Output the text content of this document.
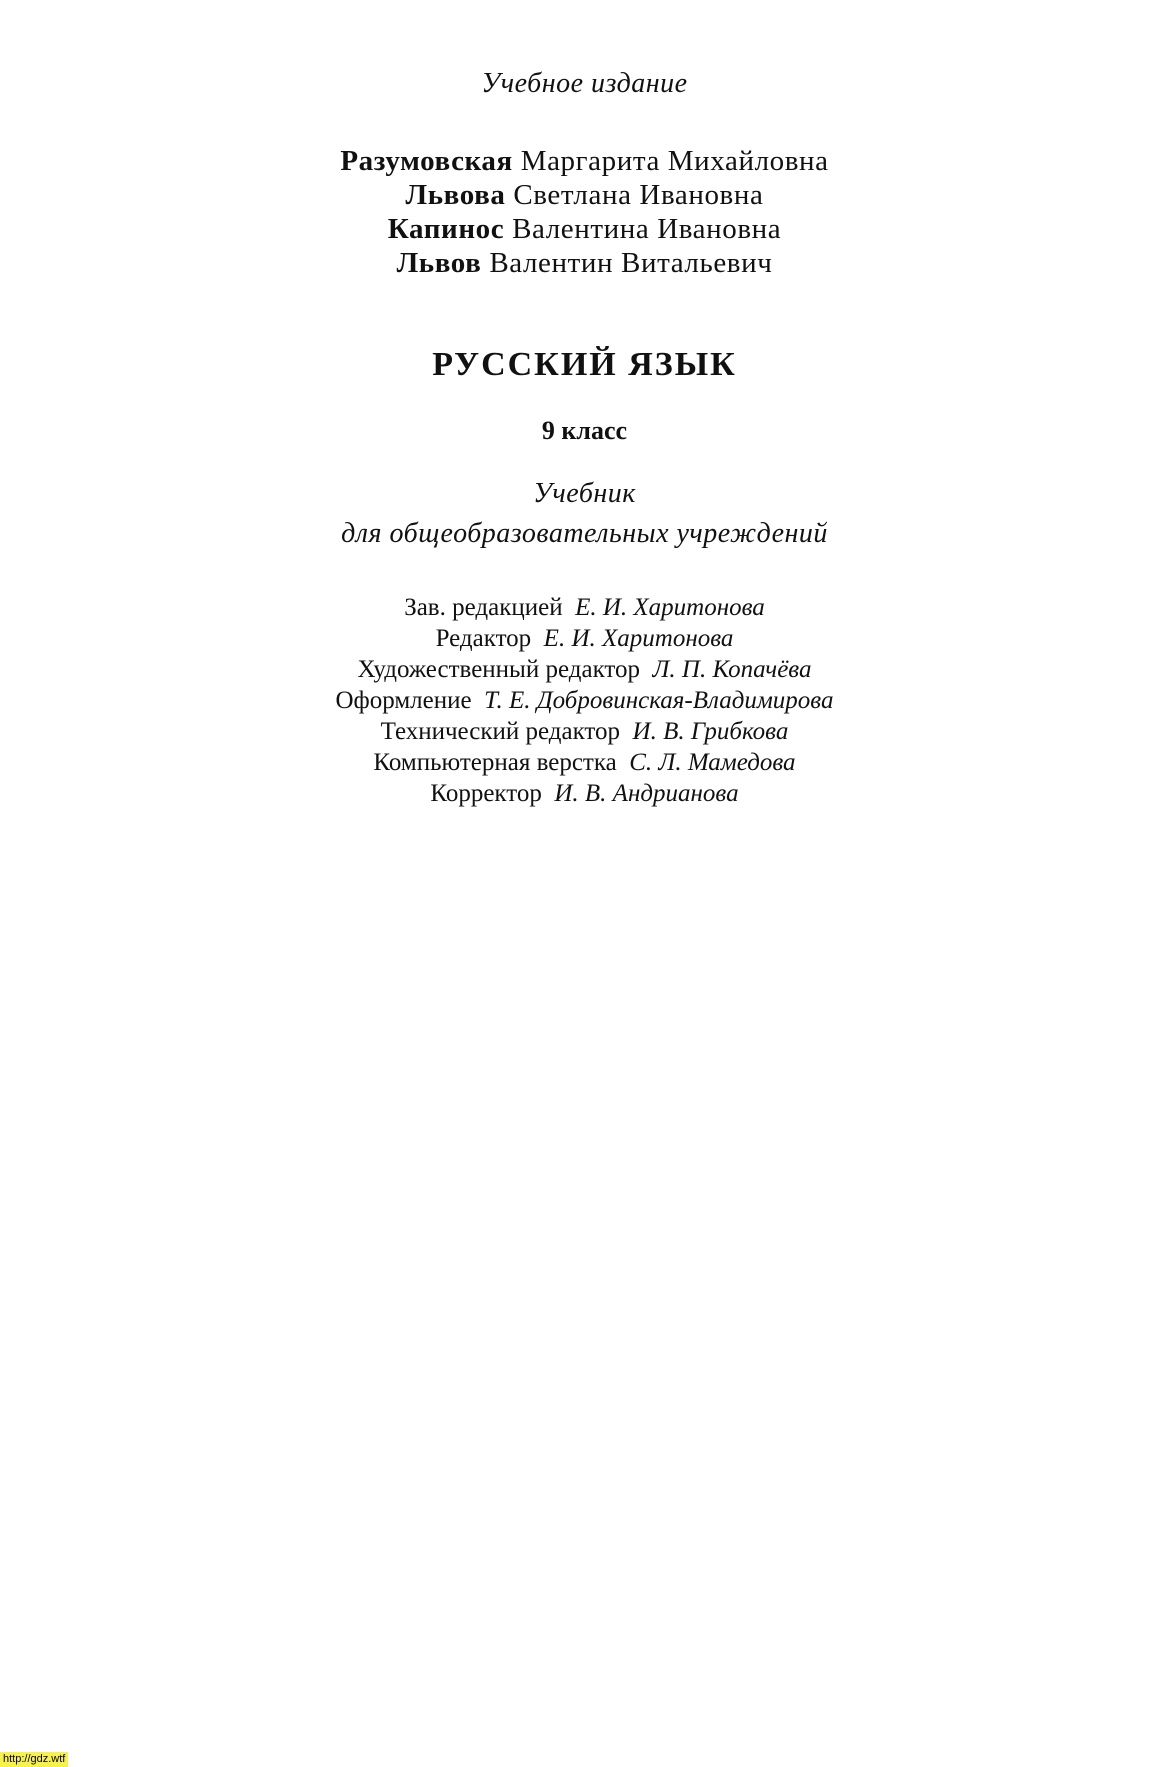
Учебное издание
Разумовская Маргарита Михайловна
Львова Светлана Ивановна
Капинос Валентина Ивановна
Львов Валентин Витальевич
РУССКИЙ ЯЗЫК
9 класс
Учебник
для общеобразовательных учреждений
Зав. редакцией Е. И. Харитонова
Редактор Е. И. Харитонова
Художественный редактор Л. П. Копачёва
Оформление Т. Е. Добровинская-Владимирова
Технический редактор И. В. Грибкова
Компьютерная верстка С. Л. Мамедова
Корректор И. В. Андрианова
http://gdz.wtf
